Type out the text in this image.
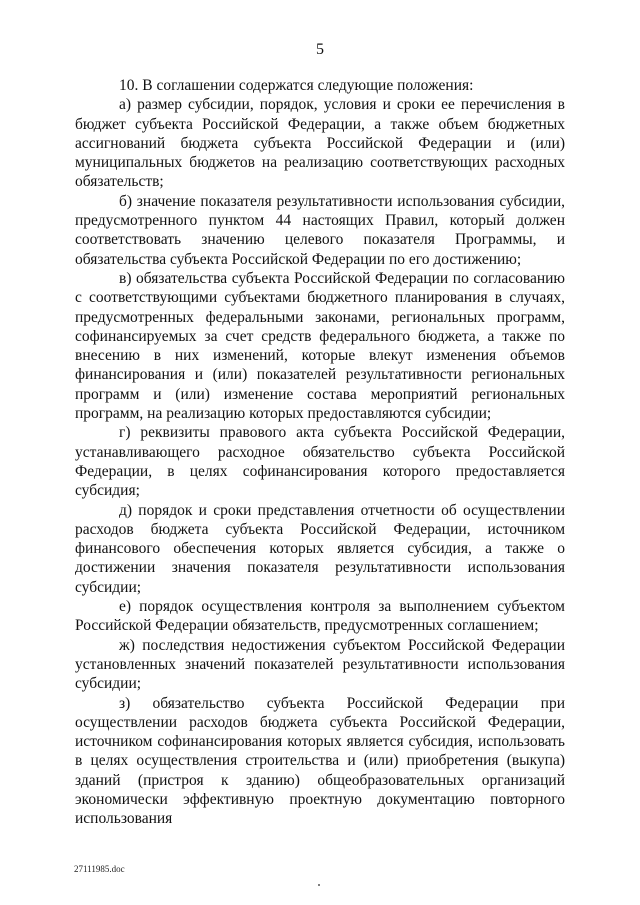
5

10. В соглашении содержатся следующие положения:

а) размер субсидии, порядок, условия и сроки ее перечисления в бюджет субъекта Российской Федерации, а также объем бюджетных ассигнований бюджета субъекта Российской Федерации и (или) муниципальных бюджетов на реализацию соответствующих расходных обязательств;

б) значение показателя результативности использования субсидии, предусмотренного пунктом 44 настоящих Правил, который должен соответствовать значению целевого показателя Программы, и обязательства субъекта Российской Федерации по его достижению;

в) обязательства субъекта Российской Федерации по согласованию с соответствующими субъектами бюджетного планирования в случаях, предусмотренных федеральными законами, региональных программ, софинансируемых за счет средств федерального бюджета, а также по внесению в них изменений, которые влекут изменения объемов финансирования и (или) показателей результативности региональных программ и (или) изменение состава мероприятий региональных программ, на реализацию которых предоставляются субсидии;

г) реквизиты правового акта субъекта Российской Федерации, устанавливающего расходное обязательство субъекта Российской Федерации, в целях софинансирования которого предоставляется субсидия;

д) порядок и сроки представления отчетности об осуществлении расходов бюджета субъекта Российской Федерации, источником финансового обеспечения которых является субсидия, а также о достижении значения показателя результативности использования субсидии;

е) порядок осуществления контроля за выполнением субъектом Российской Федерации обязательств, предусмотренных соглашением;

ж) последствия недостижения субъектом Российской Федерации установленных значений показателей результативности использования субсидии;

з) обязательство субъекта Российской Федерации при осуществлении расходов бюджета субъекта Российской Федерации, источником софинансирования которых является субсидия, использовать в целях осуществления строительства и (или) приобретения (выкупа) зданий (пристроя к зданию) общеобразовательных организаций экономически эффективную проектную документацию повторного использования

27111985.doc
